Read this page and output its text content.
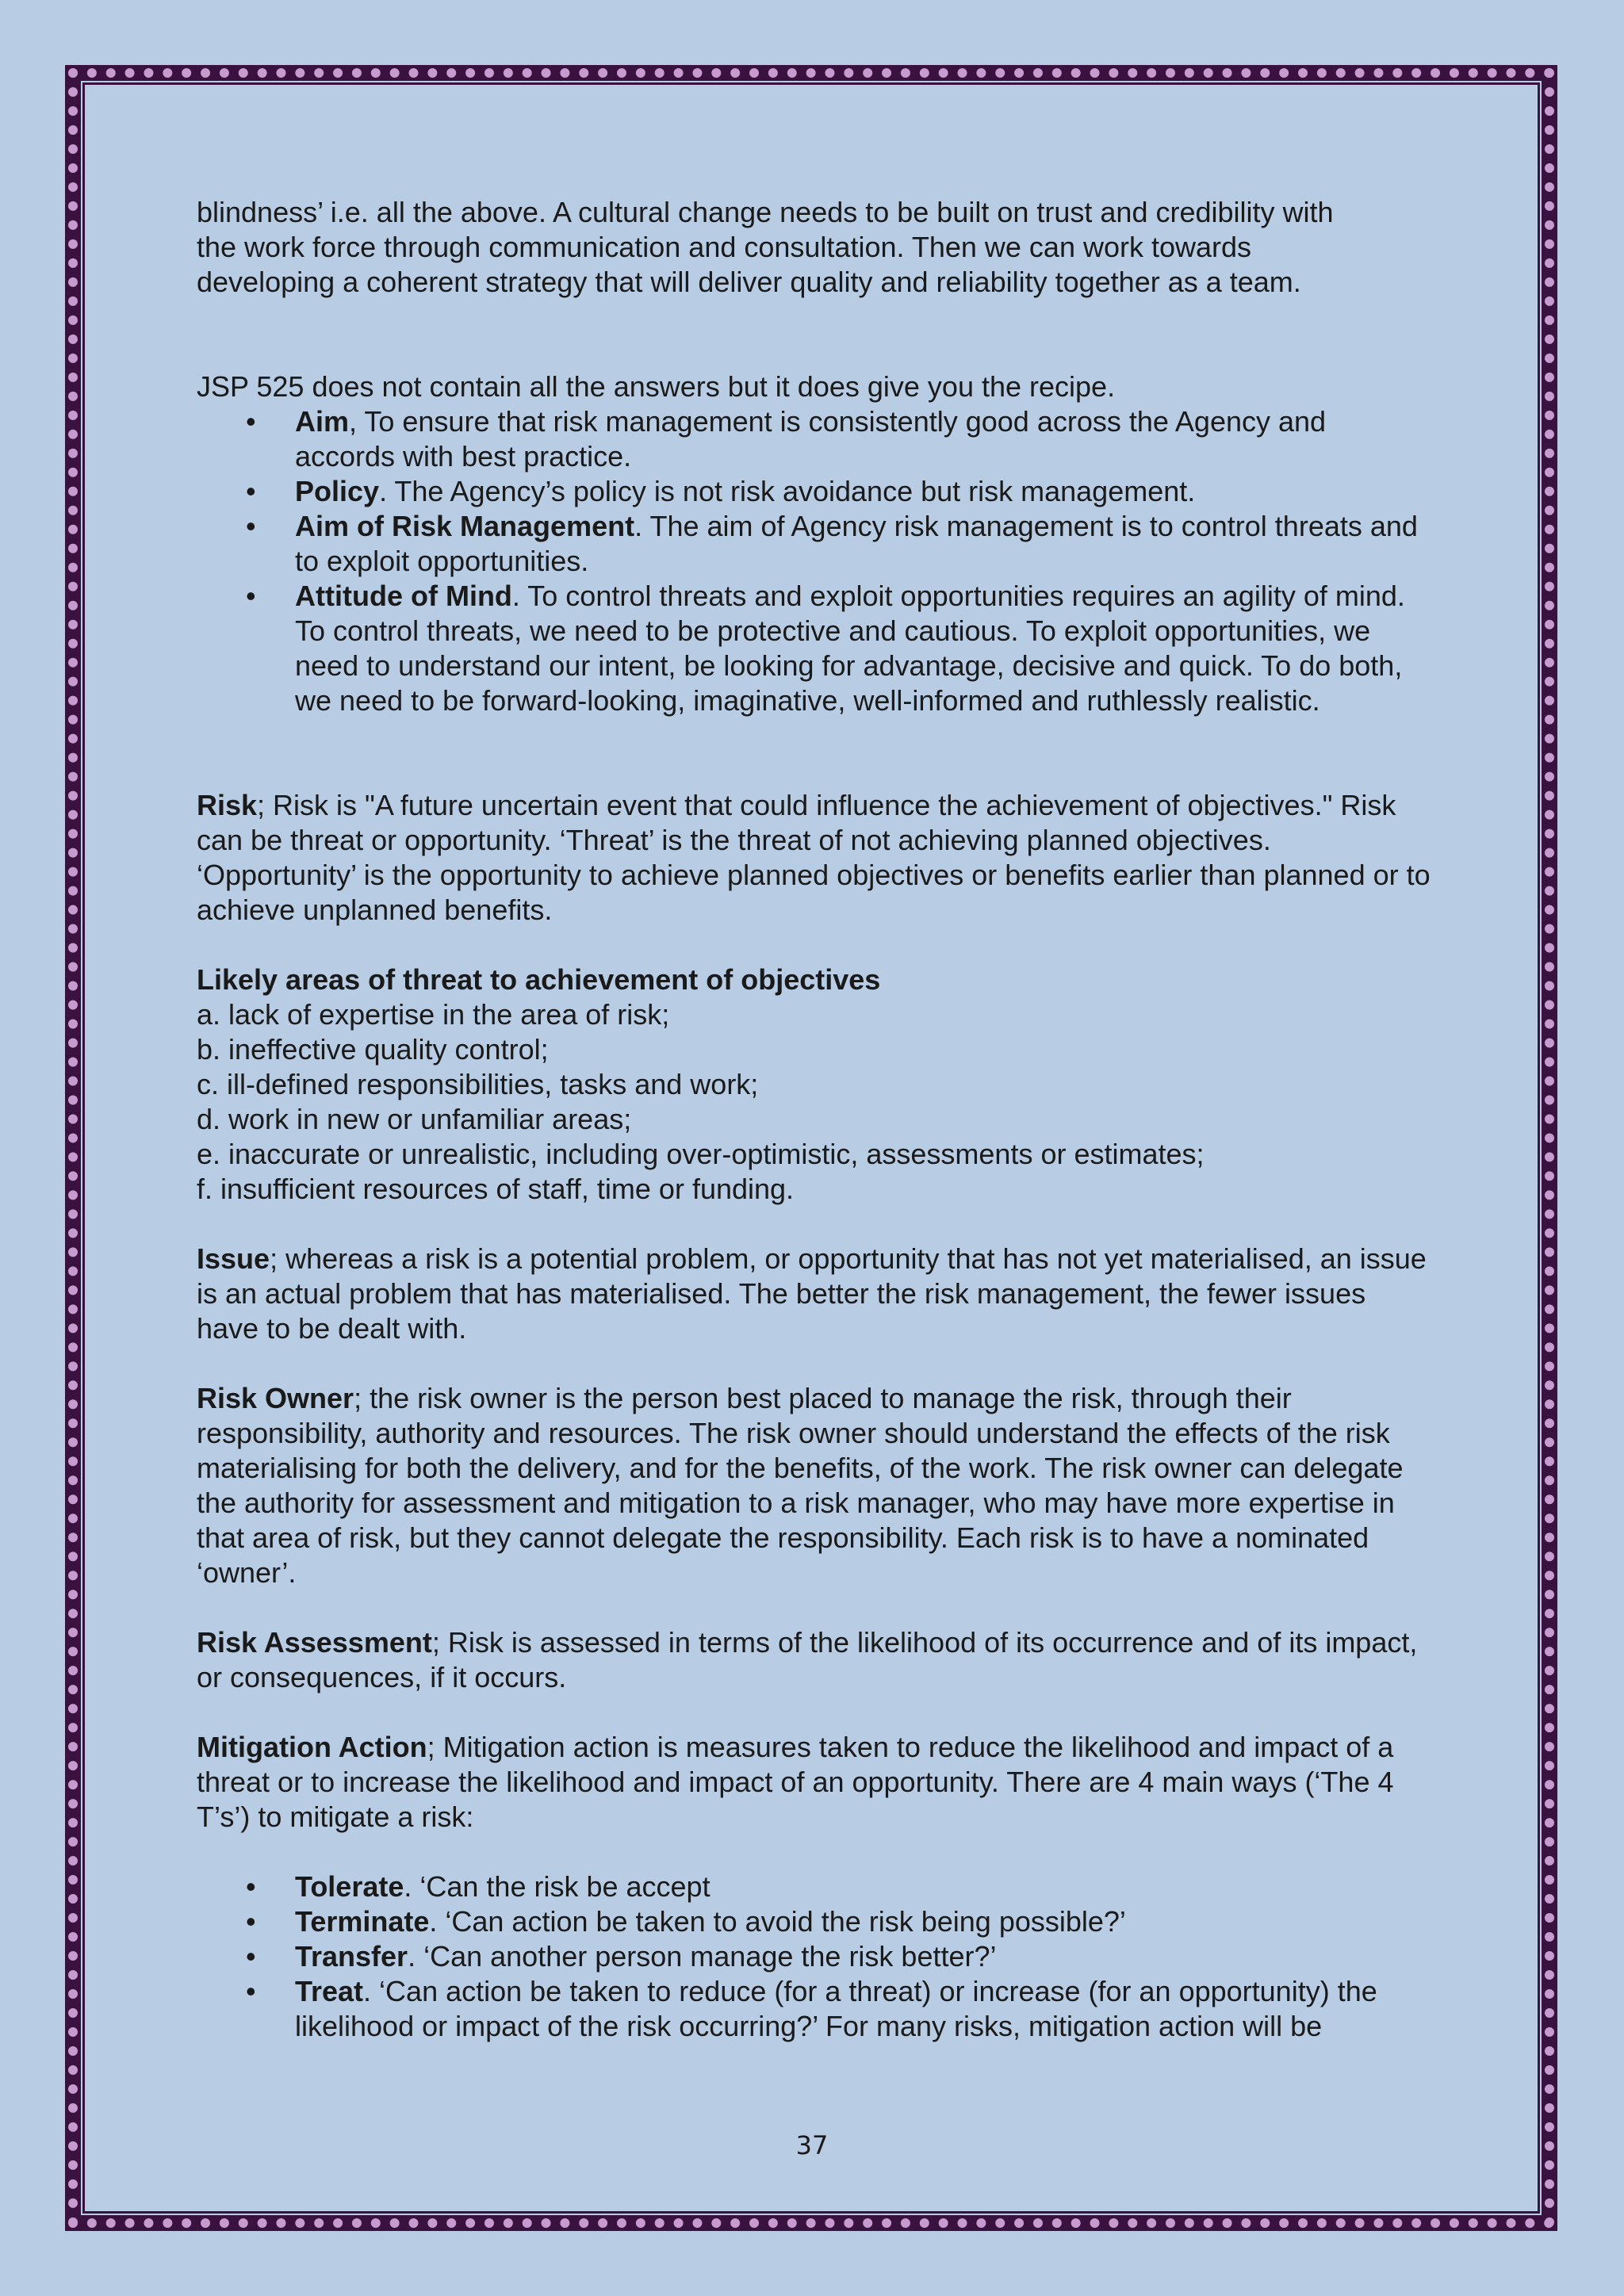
blindness’ i.e. all the above. A cultural change needs to be built on trust and credibility with

the work force through communication and consultation. Then we can work towards

developing a coherent strategy that will deliver quality and reliability together as a team.

JSP 525 does not contain all the answers but it does give you the recipe.

• Aim, To ensure that risk management is consistently good across the Agency and accords with best practice.
• Policy. The Agency’s policy is not risk avoidance but risk management.
• Aim of Risk Management. The aim of Agency risk management is to control threats and to exploit opportunities.
• Attitude of Mind. To control threats and exploit opportunities requires an agility of mind. To control threats, we need to be protective and cautious. To exploit opportunities, we need to understand our intent, be looking for advantage, decisive and quick. To do both, we need to be forward-looking, imaginative, well-informed and ruthlessly realistic.

Risk; Risk is "A future uncertain event that could influence the achievement of objectives." Risk can be threat or opportunity. ‘Threat’ is the threat of not achieving planned objectives. ‘Opportunity’ is the opportunity to achieve planned objectives or benefits earlier than planned or to achieve unplanned benefits.

Likely areas of threat to achievement of objectives

a. lack of expertise in the area of risk;

b. ineffective quality control;

c. ill-defined responsibilities, tasks and work;

d. work in new or unfamiliar areas;

e. inaccurate or unrealistic, including over-optimistic, assessments or estimates;

f. insufficient resources of staff, time or funding.

Issue; whereas a risk is a potential problem, or opportunity that has not yet materialised, an issue is an actual problem that has materialised. The better the risk management, the fewer issues have to be dealt with.

Risk Owner; the risk owner is the person best placed to manage the risk, through their responsibility, authority and resources. The risk owner should understand the effects of the risk materialising for both the delivery, and for the benefits, of the work. The risk owner can delegate the authority for assessment and mitigation to a risk manager, who may have more expertise in that area of risk, but they cannot delegate the responsibility. Each risk is to have a nominated ‘owner’.

Risk Assessment; Risk is assessed in terms of the likelihood of its occurrence and of its impact, or consequences, if it occurs.

Mitigation Action; Mitigation action is measures taken to reduce the likelihood and impact of a threat or to increase the likelihood and impact of an opportunity. There are 4 main ways (‘The 4 T’s’) to mitigate a risk:

• Tolerate. ‘Can the risk be accept
• Terminate. ‘Can action be taken to avoid the risk being possible?’
• Transfer. ‘Can another person manage the risk better?’
• Treat. ‘Can action be taken to reduce (for a threat) or increase (for an opportunity) the likelihood or impact of the risk occurring?’ For many risks, mitigation action will be
37
